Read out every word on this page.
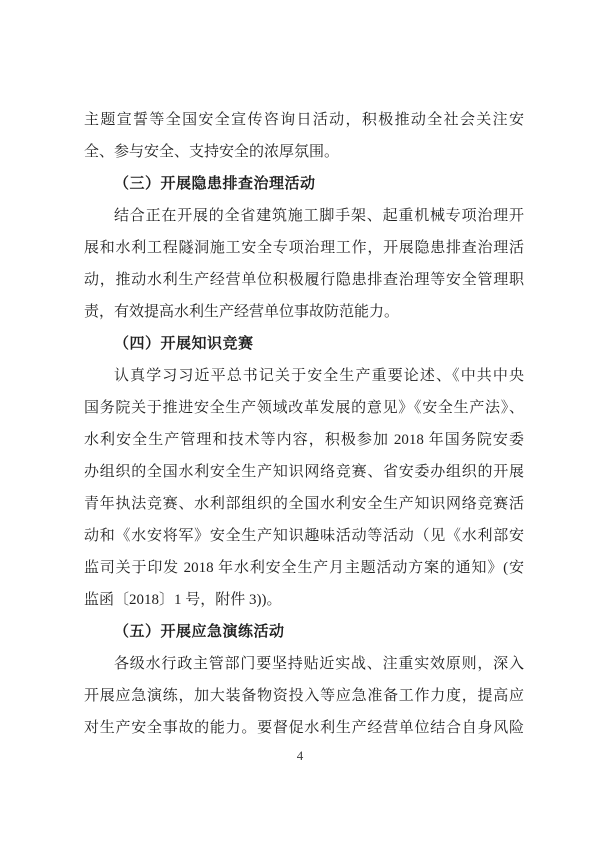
主题宣誓等全国安全宣传咨询日活动，积极推动全社会关注安
全、参与安全、支持安全的浓厚氛围。
（三）开展隐患排查治理活动
结合正在开展的全省建筑施工脚手架、起重机械专项治理开
展和水利工程隧洞施工安全专项治理工作，开展隐患排查治理活
动，推动水利生产经营单位积极履行隐患排查治理等安全管理职
责，有效提高水利生产经营单位事故防范能力。
（四）开展知识竞赛
认真学习习近平总书记关于安全生产重要论述、《中共中央
国务院关于推进安全生产领域改革发展的意见》《安全生产法》、
水利安全生产管理和技术等内容，积极参加 2018 年国务院安委
办组织的全国水利安全生产知识网络竞赛、省安委办组织的开展
青年执法竞赛、水利部组织的全国水利安全生产知识网络竞赛活
动和《水安将军》安全生产知识趣味活动等活动（见《水利部安
监司关于印发 2018 年水利安全生产月主题活动方案的通知》(安
监函〔2018〕1 号，附件 3))。
（五）开展应急演练活动
各级水行政主管部门要坚持贴近实战、注重实效原则，深入
开展应急演练，加大装备物资投入等应急准备工作力度，提高应
对生产安全事故的能力。要督促水利生产经营单位结合自身风险
4
